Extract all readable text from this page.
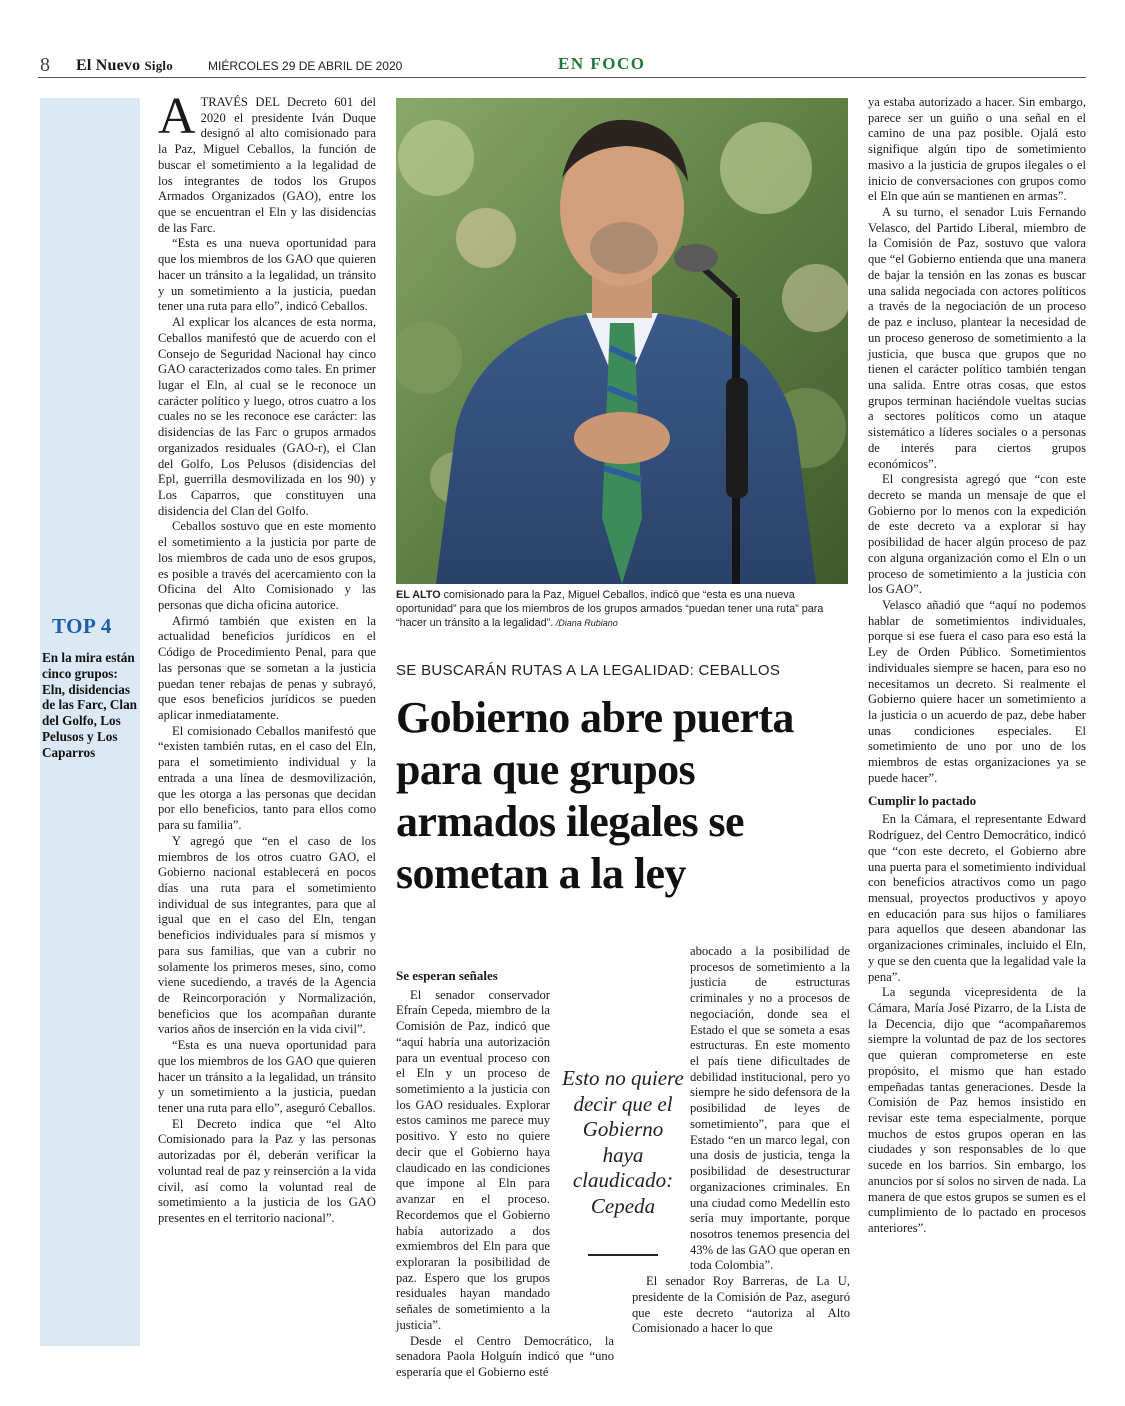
8 El Nuevo Siglo	MIÉRCOLES 29 DE ABRIL DE 2020	EN FOCO
TOP 4
En la mira están cinco grupos: Eln, disidencias de las Farc, Clan del Golfo, Los Pelusos y Los Caparros

ATRAVÉS DEL Decreto 601 del 2020 el presidente Iván Duque designó al alto comisionado para la Paz, Miguel Ceballos, la función de buscar el sometimiento a la legalidad de los integrantes de todos los Grupos Armados Organizados (GAO), entre los que se encuentran el Eln y las disidencias de las Farc.

“Esta es una nueva oportunidad para que los miembros de los GAO que quieren hacer un tránsito a la legalidad, un tránsito y un sometimiento a la justicia, puedan tener una ruta para ello”, indicó Ceballos.

Al explicar los alcances de esta norma, Ceballos manifestó que de acuerdo con el Consejo de Seguridad Nacional hay cinco GAO caracterizados como tales. En primer lugar el Eln, al cual se le reconoce un carácter político y luego, otros cuatro a los cuales no se les reconoce ese carácter: las disidencias de las Farc o grupos armados organizados residuales (GAO-r), el Clan del Golfo, Los Pelusos (disidencias del Epl, guerrilla desmovilizada en los 90) y Los Caparros, que constituyen una disidencia del Clan del Golfo.

Ceballos sostuvo que en este momento el sometimiento a la justicia por parte de los miembros de cada uno de esos grupos, es posible a través del acercamiento con la Oficina del Alto Comisionado y las personas que dicha oficina autorice.

Afirmó también que existen en la actualidad beneficios jurídicos en el Código de Procedimiento Penal, para que las personas que se sometan a la justicia puedan tener rebajas de penas y subrayó, que esos beneficios jurídicos se pueden aplicar inmediatamente.

El comisionado Ceballos manifestó que “existen también rutas, en el caso del Eln, para el sometimiento individual y la entrada a una línea de desmovilización, que les otorga a las personas que decidan por ello beneficios, tanto para ellos como para su familia”.

Y agregó que “en el caso de los miembros de los otros cuatro GAO, el Gobierno nacional establecerá en pocos días una ruta para el sometimiento individual de sus integrantes, para que al igual que en el caso del Eln, tengan beneficios individuales para sí mismos y para sus familias, que van a cubrir no solamente los primeros meses, sino, como viene sucediendo, a través de la Agencia de Reincorporación y Normalización, beneficios que los acompañan durante varios años de inserción en la vida civil”.

“Esta es una nueva oportunidad para que los miembros de los GAO que quieren hacer un tránsito a la legalidad, un tránsito y un sometimiento a la justicia, puedan tener una ruta para ello”, aseguró Ceballos.

El Decreto indica que “el Alto Comisionado para la Paz y las personas autorizadas por él, deberán verificar la voluntad real de paz y reinserción a la vida civil, así como la voluntad real de sometimiento a la justicia de los GAO presentes en el territorio nacional”.

EL ALTO comisionado para la Paz, Miguel Ceballos, indicó que “esta es una nueva oportunidad” para que los miembros de los grupos armados “puedan tener una ruta” para “hacer un tránsito a la legalidad”. /Diana Rubiano
SE BUSCARÁN RUTAS A LA LEGALIDAD: CEBALLOS
Gobierno abre puerta para que grupos armados ilegales se sometan a la ley
Se esperan señales

El senador conservador Efraín Cepeda, miembro de la Comisión de Paz, indicó que “aquí habría una autorización para un eventual proceso con el Eln y un proceso de sometimiento a la justicia con los GAO residuales. Explorar estos caminos me parece muy positivo. Y esto no quiere decir que el Gobierno haya claudicado en las condiciones que impone al Eln para avanzar en el proceso. Recordemos que el Gobierno había autorizado a dos exmiembros del Eln para que exploraran la posibilidad de paz. Espero que los grupos residuales hayan mandado señales de sometimiento a la justicia”.

Desde el Centro Democrático, la senadora Paola Holguín indicó que “uno esperaría que el Gobierno esté

abocado a la posibilidad de procesos de sometimiento a la justicia de estructuras criminales y no a procesos de negociación, donde sea el Estado el que se someta a esas estructuras. En este momento el país tiene dificultades de debilidad institucional, pero yo siempre he sido defensora de la posibilidad de leyes de sometimiento”, para que el Estado “en un marco legal, con una dosis de justicia, tenga la posibilidad de desestructurar organizaciones criminales. En una ciudad como Medellín esto sería muy importante, porque nosotros tenemos presencia del 43% de las GAO que operan en toda Colombia”.

El senador Roy Barreras, de La U, presidente de la Comisión de Paz, aseguró que este decreto “autoriza al Alto Comisionado a hacer lo que

Esto no quiere decir que el Gobierno haya claudicado: Cepeda

ya estaba autorizado a hacer. Sin embargo, parece ser un guiño o una señal en el camino de una paz posible. Ojalá esto signifique algún tipo de sometimiento masivo a la justicia de grupos ilegales o el inicio de conversaciones con grupos como el Eln que aún se mantienen en armas”.

A su turno, el senador Luis Fernando Velasco, del Partido Liberal, miembro de la Comisión de Paz, sostuvo que valora que “el Gobierno entienda que una manera de bajar la tensión en las zonas es buscar una salida negociada con actores políticos a través de la negociación de un proceso de paz e incluso, plantear la necesidad de un proceso generoso de sometimiento a la justicia, que busca que grupos que no tienen el carácter político también tengan una salida. Entre otras cosas, que estos grupos terminan haciéndole vueltas sucias a sectores políticos como un ataque sistemático a líderes sociales o a personas de interés para ciertos grupos económicos”.

El congresista agregó que “con este decreto se manda un mensaje de que el Gobierno por lo menos con la expedición de este decreto va a explorar si hay posibilidad de hacer algún proceso de paz con alguna organización como el Eln o un proceso de sometimiento a la justicia con los GAO”.

Velasco añadió que “aquí no podemos hablar de sometimientos individuales, porque si ese fuera el caso para eso está la Ley de Orden Público. Sometimientos individuales siempre se hacen, para eso no necesitamos un decreto. Si realmente el Gobierno quiere hacer un sometimiento a la justicia o un acuerdo de paz, debe haber unas condiciones especiales. El sometimiento de uno por uno de los miembros de estas organizaciones ya se puede hacer”.

Cumplir lo pactado

En la Cámara, el representante Edward Rodríguez, del Centro Democrático, indicó que “con este decreto, el Gobierno abre una puerta para el sometimiento individual con beneficios atractivos como un pago mensual, proyectos productivos y apoyo en educación para sus hijos o familiares para aquellos que deseen abandonar las organizaciones criminales, incluido el Eln, y que se den cuenta que la legalidad vale la pena”.

La segunda vicepresidenta de la Cámara, María José Pizarro, de la Lista de la Decencia, dijo que “acompañaremos siempre la voluntad de paz de los sectores que quieran comprometerse en este propósito, el mismo que han estado empeñadas tantas generaciones. Desde la Comisión de Paz hemos insistido en revisar este tema especialmente, porque muchos de estos grupos operan en las ciudades y son responsables de lo que sucede en los barrios. Sin embargo, los anuncios por sí solos no sirven de nada. La manera de que estos grupos se sumen es el cumplimiento de lo pactado en procesos anteriores”.
